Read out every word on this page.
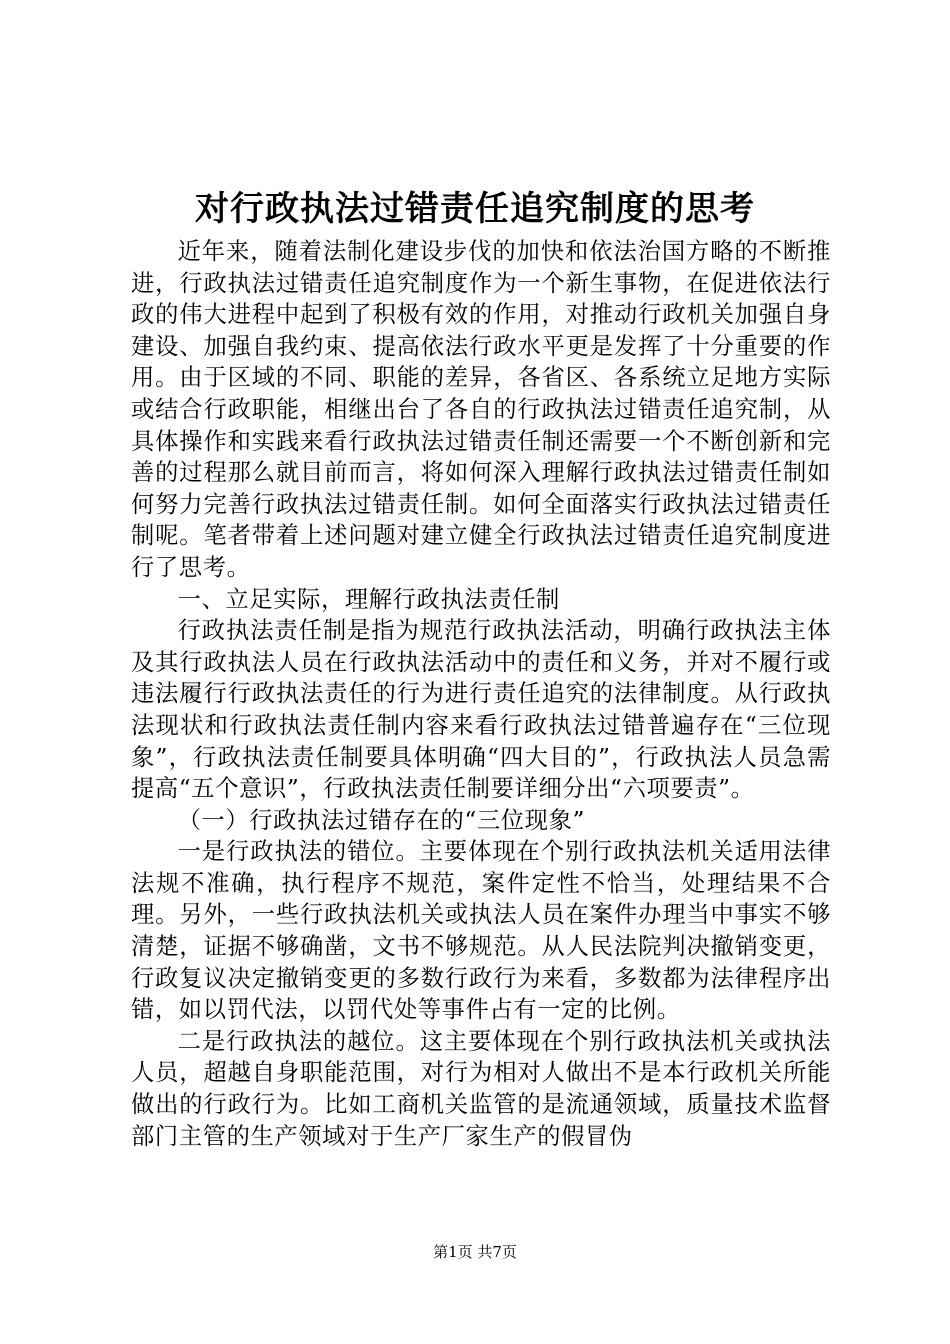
对行政执法过错责任追究制度的思考

近年来，随着法制化建设步伐的加快和依法治国方略的不断推进，行政执法过错责任追究制度作为一个新生事物，在促进依法行政的伟大进程中起到了积极有效的作用，对推动行政机关加强自身建设、加强自我约束、提高依法行政水平更是发挥了十分重要的作用。由于区域的不同、职能的差异，各省区、各系统立足地方实际或结合行政职能，相继出台了各自的行政执法过错责任追究制，从具体操作和实践来看行政执法过错责任制还需要一个不断创新和完善的过程那么就目前而言，将如何深入理解行政执法过错责任制如何努力完善行政执法过错责任制。如何全面落实行政执法过错责任制呢。笔者带着上述问题对建立健全行政执法过错责任追究制度进行了思考。

一、立足实际，理解行政执法责任制

行政执法责任制是指为规范行政执法活动，明确行政执法主体及其行政执法人员在行政执法活动中的责任和义务，并对不履行或违法履行行政执法责任的行为进行责任追究的法律制度。从行政执法现状和行政执法责任制内容来看行政执法过错普遍存在“三位现象”，行政执法责任制要具体明确“四大目的”，行政执法人员急需提高“五个意识”，行政执法责任制要详细分出“六项要责”。

（一）行政执法过错存在的“三位现象”

一是行政执法的错位。主要体现在个别行政执法机关适用法律法规不准确，执行程序不规范，案件定性不恰当，处理结果不合理。另外，一些行政执法机关或执法人员在案件办理当中事实不够清楚，证据不够确凿，文书不够规范。从人民法院判决撤销变更，行政复议决定撤销变更的多数行政行为来看，多数都为法律程序出错，如以罚代法，以罚代处等事件占有一定的比例。

二是行政执法的越位。这主要体现在个别行政执法机关或执法人员，超越自身职能范围，对行为相对人做出不是本行政机关所能做出的行政行为。比如工商机关监管的是流通领域，质量技术监督部门主管的生产领域对于生产厂家生产的假冒伪

第1页 共7页
